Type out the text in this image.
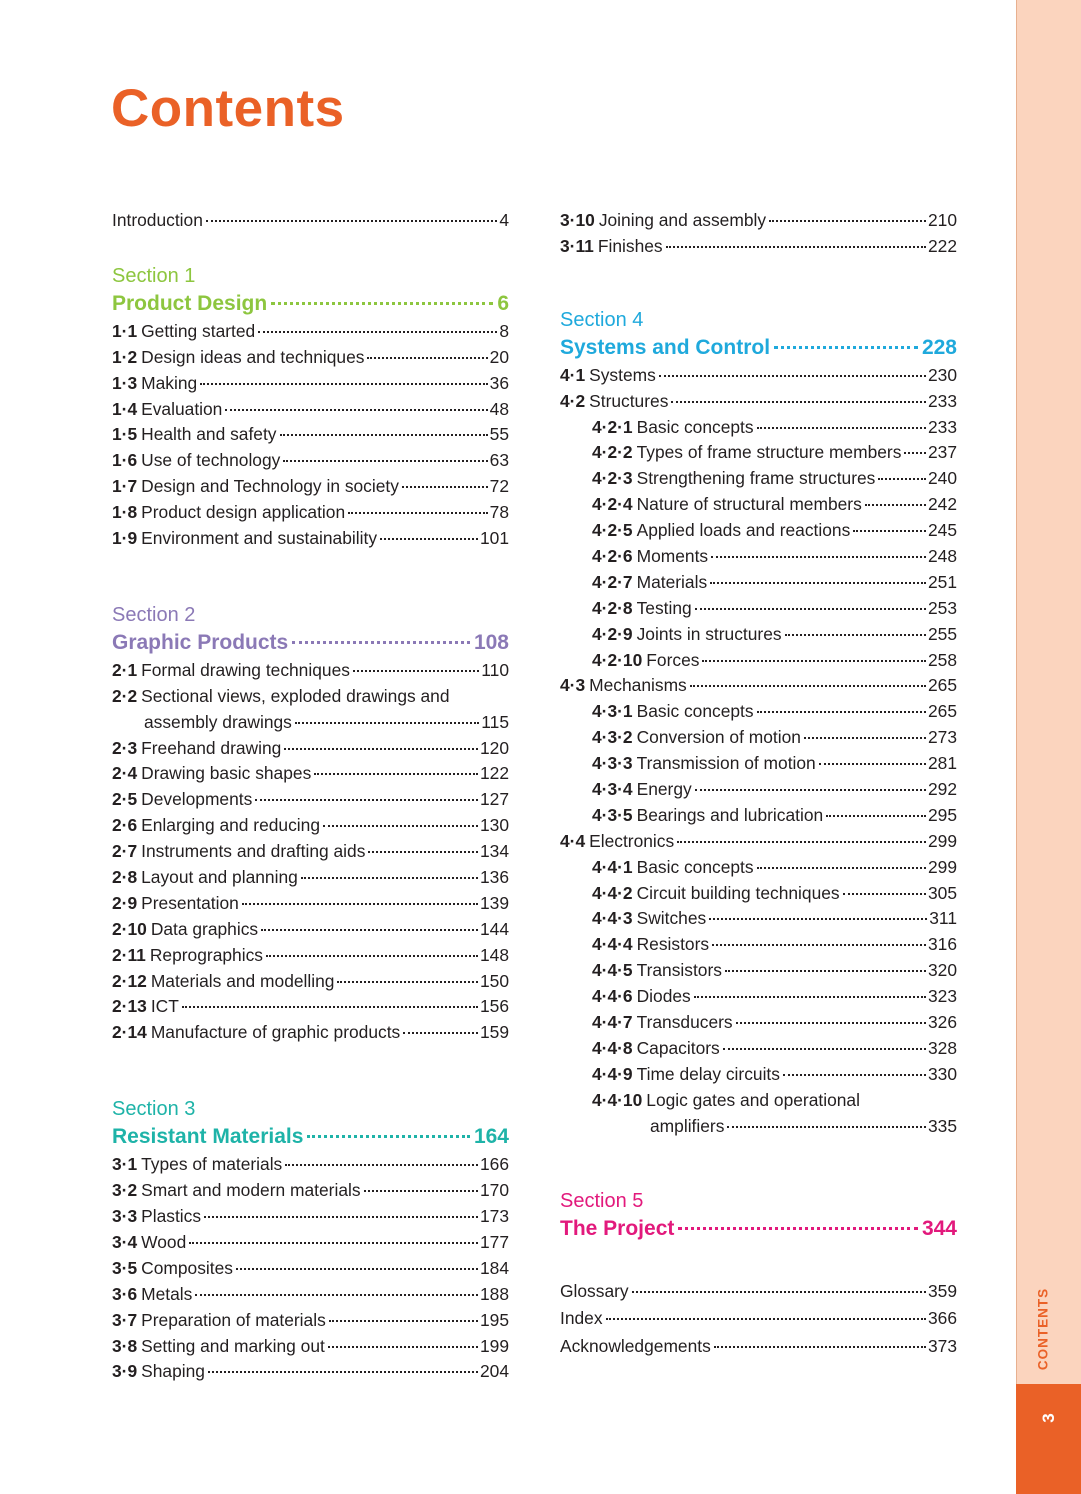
Contents
Introduction	4
Section 1
Product Design	6
1·1 Getting started	8
1·2 Design ideas and techniques	20
1·3 Making	36
1·4 Evaluation	48
1·5 Health and safety	55
1·6 Use of technology	63
1·7 Design and Technology in society	72
1·8 Product design application	78
1·9 Environment and sustainability	101
Section 2
Graphic Products	108
2·1 Formal drawing techniques	110
2·2 Sectional views, exploded drawings and
assembly drawings	115
2·3 Freehand drawing	120
2·4 Drawing basic shapes	122
2·5 Developments	127
2·6 Enlarging and reducing	130
2·7 Instruments and drafting aids	134
2·8 Layout and planning	136
2·9 Presentation	139
2·10 Data graphics	144
2·11 Reprographics	148
2·12 Materials and modelling	150
2·13 ICT	156
2·14 Manufacture of graphic products	159
Section 3
Resistant Materials	164
3·1 Types of materials	166
3·2 Smart and modern materials	170
3·3 Plastics	173
3·4 Wood	177
3·5 Composites	184
3·6 Metals	188
3·7 Preparation of materials	195
3·8 Setting and marking out	199
3·9 Shaping	204
3·10 Joining and assembly	210
3·11 Finishes	222
Section 4
Systems and Control	228
4·1 Systems	230
4·2 Structures	233
4·2·1 Basic concepts	233
4·2·2 Types of frame structure members 237
4·2·3 Strengthening frame structures	240
4·2·4 Nature of structural members	242
4·2·5 Applied loads and reactions	245
4·2·6 Moments	248
4·2·7 Materials	251
4·2·8 Testing	253
4·2·9 Joints in structures	255
4·2·10 Forces	258
4·3 Mechanisms	265
4·3·1 Basic concepts	265
4·3·2 Conversion of motion	273
4·3·3 Transmission of motion	281
4·3·4 Energy	292
4·3·5 Bearings and lubrication	295
4·4 Electronics	299
4·4·1 Basic concepts	299
4·4·2 Circuit building techniques	305
4·4·3 Switches	311
4·4·4 Resistors	316
4·4·5 Transistors	320
4·4·6 Diodes	323
4·4·7 Transducers	326
4·4·8 Capacitors	328
4·4·9 Time delay circuits	330
4·4·10 Logic gates and operational
amplifiers	335
Section 5
The Project	344
Glossary	359
Index	366
Acknowledgements	373	CONTENTS
3
